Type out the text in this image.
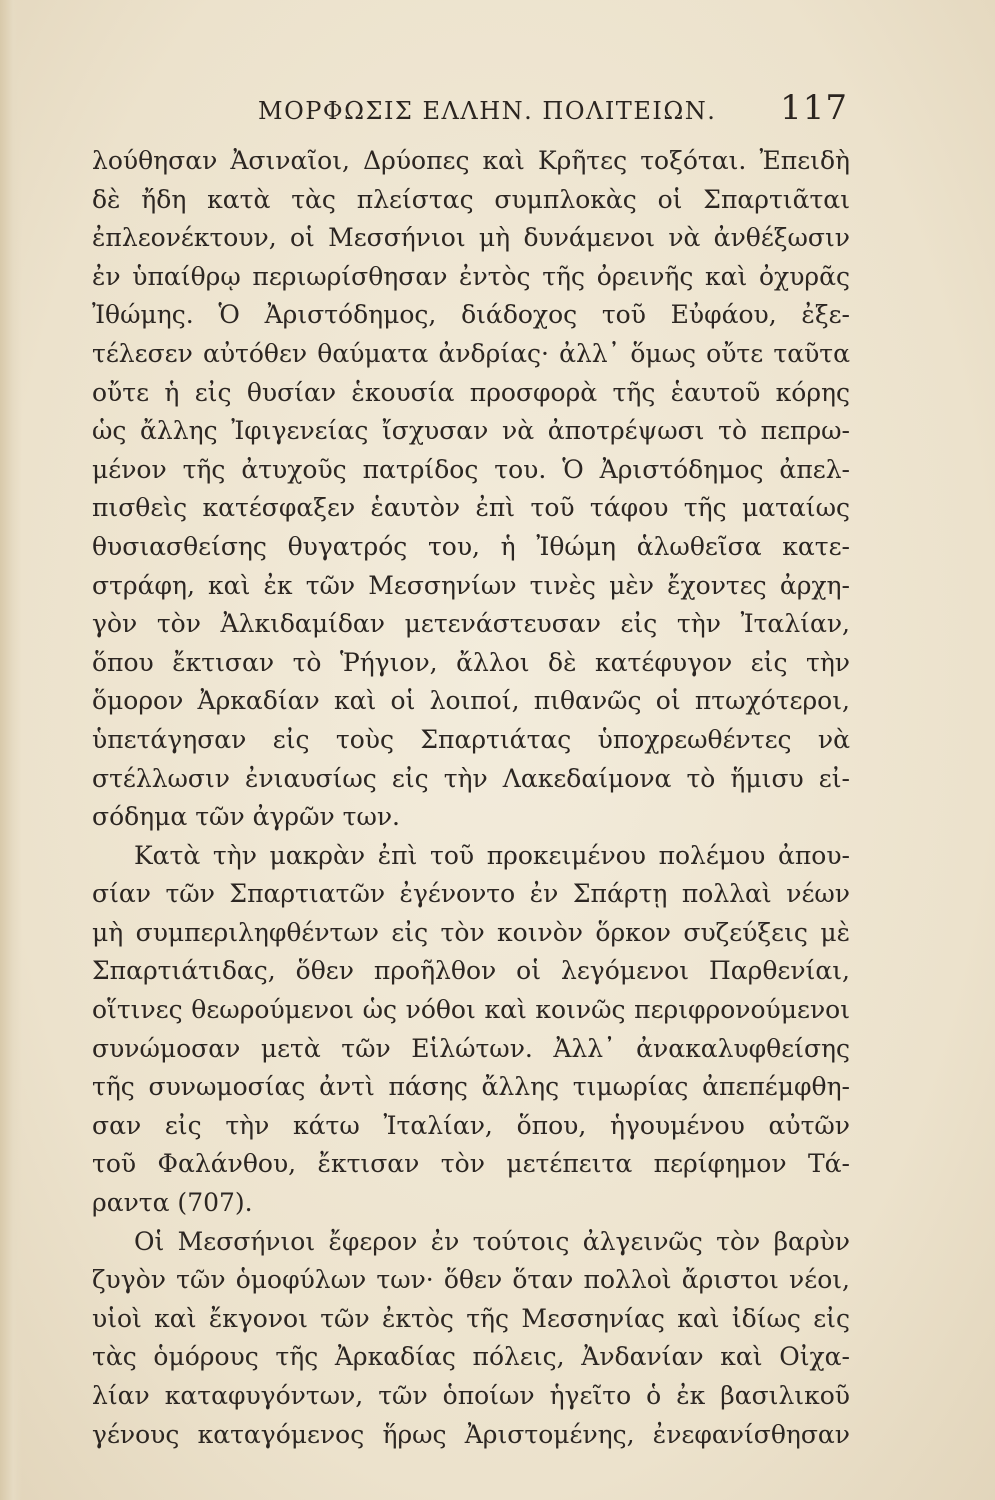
ΜΟΡΦΩΣΙΣ ΕΛΛΗΝ. ΠΟΛΙΤΕΙΩΝ. 117
λούθησαν Ἀσιναῖοι, Δρύοπες καὶ Κρῆτες τοξόται. Ἐπειδὴ
δὲ ἤδη κατὰ τὰς πλείστας συμπλοκὰς οἱ Σπαρτιᾶται
ἐπλεονέκτουν, οἱ Μεσσήνιοι μὴ δυνάμενοι νὰ ἀνθέξωσιν
ἐν ὑπαίθρῳ περιωρίσθησαν ἐντὸς τῆς ὀρεινῆς καὶ ὀχυρᾶς
Ἰθώμης. Ὁ Ἀριστόδημος, διάδοχος τοῦ Εὐφάου, ἐξε-
τέλεσεν αὐτόθεν θαύματα ἀνδρίας· ἀλλ᾽ ὅμως οὔτε ταῦτα
οὔτε ἡ εἰς θυσίαν ἑκουσία προσφορὰ τῆς ἑαυτοῦ κόρης
ὡς ἄλλης Ἰφιγενείας ἴσχυσαν νὰ ἀποτρέψωσι τὸ πεπρω-
μένον τῆς ἀτυχοῦς πατρίδος του. Ὁ Ἀριστόδημος ἀπελ-
πισθεὶς κατέσφαξεν ἑαυτὸν ἐπὶ τοῦ τάφου τῆς ματαίως
θυσιασθείσης θυγατρός του, ἡ Ἰθώμη ἁλωθεῖσα κατε-
στράφη, καὶ ἐκ τῶν Μεσσηνίων τινὲς μὲν ἔχοντες ἀρχη-
γὸν τὸν Ἀλκιδαμίδαν μετενάστευσαν εἰς τὴν Ἰταλίαν,
ὅπου ἔκτισαν τὸ Ῥήγιον, ἄλλοι δὲ κατέφυγον εἰς τὴν
ὅμορον Ἀρκαδίαν καὶ οἱ λοιποί, πιθανῶς οἱ πτωχότεροι,
ὑπετάγησαν εἰς τοὺς Σπαρτιάτας ὑποχρεωθέντες νὰ
στέλλωσιν ἐνιαυσίως εἰς τὴν Λακεδαίμονα τὸ ἥμισυ εἰ-
σόδημα τῶν ἀγρῶν των.
Κατὰ τὴν μακρὰν ἐπὶ τοῦ προκειμένου πολέμου ἀπου-
σίαν τῶν Σπαρτιατῶν ἐγένοντο ἐν Σπάρτῃ πολλαὶ νέων
μὴ συμπεριληφθέντων εἰς τὸν κοινὸν ὅρκον συζεύξεις μὲ
Σπαρτιάτιδας, ὅθεν προῆλθον οἱ λεγόμενοι Παρθενίαι,
οἵτινες θεωρούμενοι ὡς νόθοι καὶ κοινῶς περιφρονούμενοι
συνώμοσαν μετὰ τῶν Εἱλώτων. Ἀλλ᾽ ἀνακαλυφθείσης
τῆς συνωμοσίας ἀντὶ πάσης ἄλλης τιμωρίας ἀπεπέμφθη-
σαν εἰς τὴν κάτω Ἰταλίαν, ὅπου, ἡγουμένου αὐτῶν
τοῦ Φαλάνθου, ἔκτισαν τὸν μετέπειτα περίφημον Τά-
ραντα (707).
Οἱ Μεσσήνιοι ἔφερον ἐν τούτοις ἀλγεινῶς τὸν βαρὺν
ζυγὸν τῶν ὁμοφύλων των· ὅθεν ὅταν πολλοὶ ἄριστοι νέοι,
υἱοὶ καὶ ἔκγονοι τῶν ἐκτὸς τῆς Μεσσηνίας καὶ ἰδίως εἰς
τὰς ὁμόρους τῆς Ἀρκαδίας πόλεις, Ἀνδανίαν καὶ Οἰχα-
λίαν καταφυγόντων, τῶν ὁποίων ἡγεῖτο ὁ ἐκ βασιλικοῦ
γένους καταγόμενος ἥρως Ἀριστομένης, ἐνεφανίσθησαν
